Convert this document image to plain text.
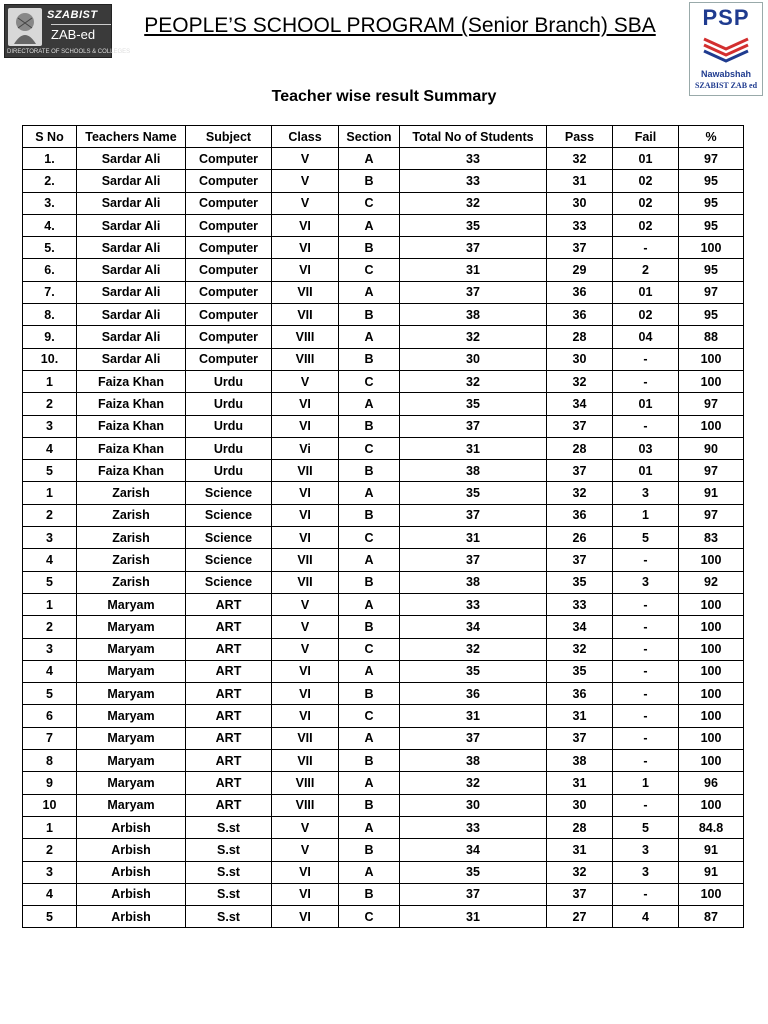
SZABIST
ZAB-ed
DIRECTORATE OF SCHOOLS & COLLEGES
PEOPLE’S SCHOOL PROGRAM (Senior Branch) SBA	PSP
Nawabshah
SZABIST ZAB ed
Teacher wise result Summary
S No	Teachers Name	Subject	Class	Section	Total No of Students	Pass	Fail	%
1.	Sardar Ali	Computer	V	A	33	32	01	97
2.	Sardar Ali	Computer	V	B	33	31	02	95
3.	Sardar Ali	Computer	V	C	32	30	02	95
4.	Sardar Ali	Computer	VI	A	35	33	02	95
5.	Sardar Ali	Computer	VI	B	37	37	-	100
6.	Sardar Ali	Computer	VI	C	31	29	2	95
7.	Sardar Ali	Computer	VII	A	37	36	01	97
8.	Sardar Ali	Computer	VII	B	38	36	02	95
9.	Sardar Ali	Computer	VIII	A	32	28	04	88
10.	Sardar Ali	Computer	VIII	B	30	30	-	100
1	Faiza Khan	Urdu	V	C	32	32	-	100
2	Faiza Khan	Urdu	VI	A	35	34	01	97
3	Faiza Khan	Urdu	VI	B	37	37	-	100
4	Faiza Khan	Urdu	Vi	C	31	28	03	90
5	Faiza Khan	Urdu	VII	B	38	37	01	97
1	Zarish	Science	VI	A	35	32	3	91
2	Zarish	Science	VI	B	37	36	1	97
3	Zarish	Science	VI	C	31	26	5	83
4	Zarish	Science	VII	A	37	37	-	100
5	Zarish	Science	VII	B	38	35	3	92
1	Maryam	ART	V	A	33	33	-	100
2	Maryam	ART	V	B	34	34	-	100
3	Maryam	ART	V	C	32	32	-	100
4	Maryam	ART	VI	A	35	35	-	100
5	Maryam	ART	VI	B	36	36	-	100
6	Maryam	ART	VI	C	31	31	-	100
7	Maryam	ART	VII	A	37	37	-	100
8	Maryam	ART	VII	B	38	38	-	100
9	Maryam	ART	VIII	A	32	31	1	96
10	Maryam	ART	VIII	B	30	30	-	100
1	Arbish	S.st	V	A	33	28	5	84.8
2	Arbish	S.st	V	B	34	31	3	91
3	Arbish	S.st	VI	A	35	32	3	91
4	Arbish	S.st	VI	B	37	37	-	100
5	Arbish	S.st	VI	C	31	27	4	87
